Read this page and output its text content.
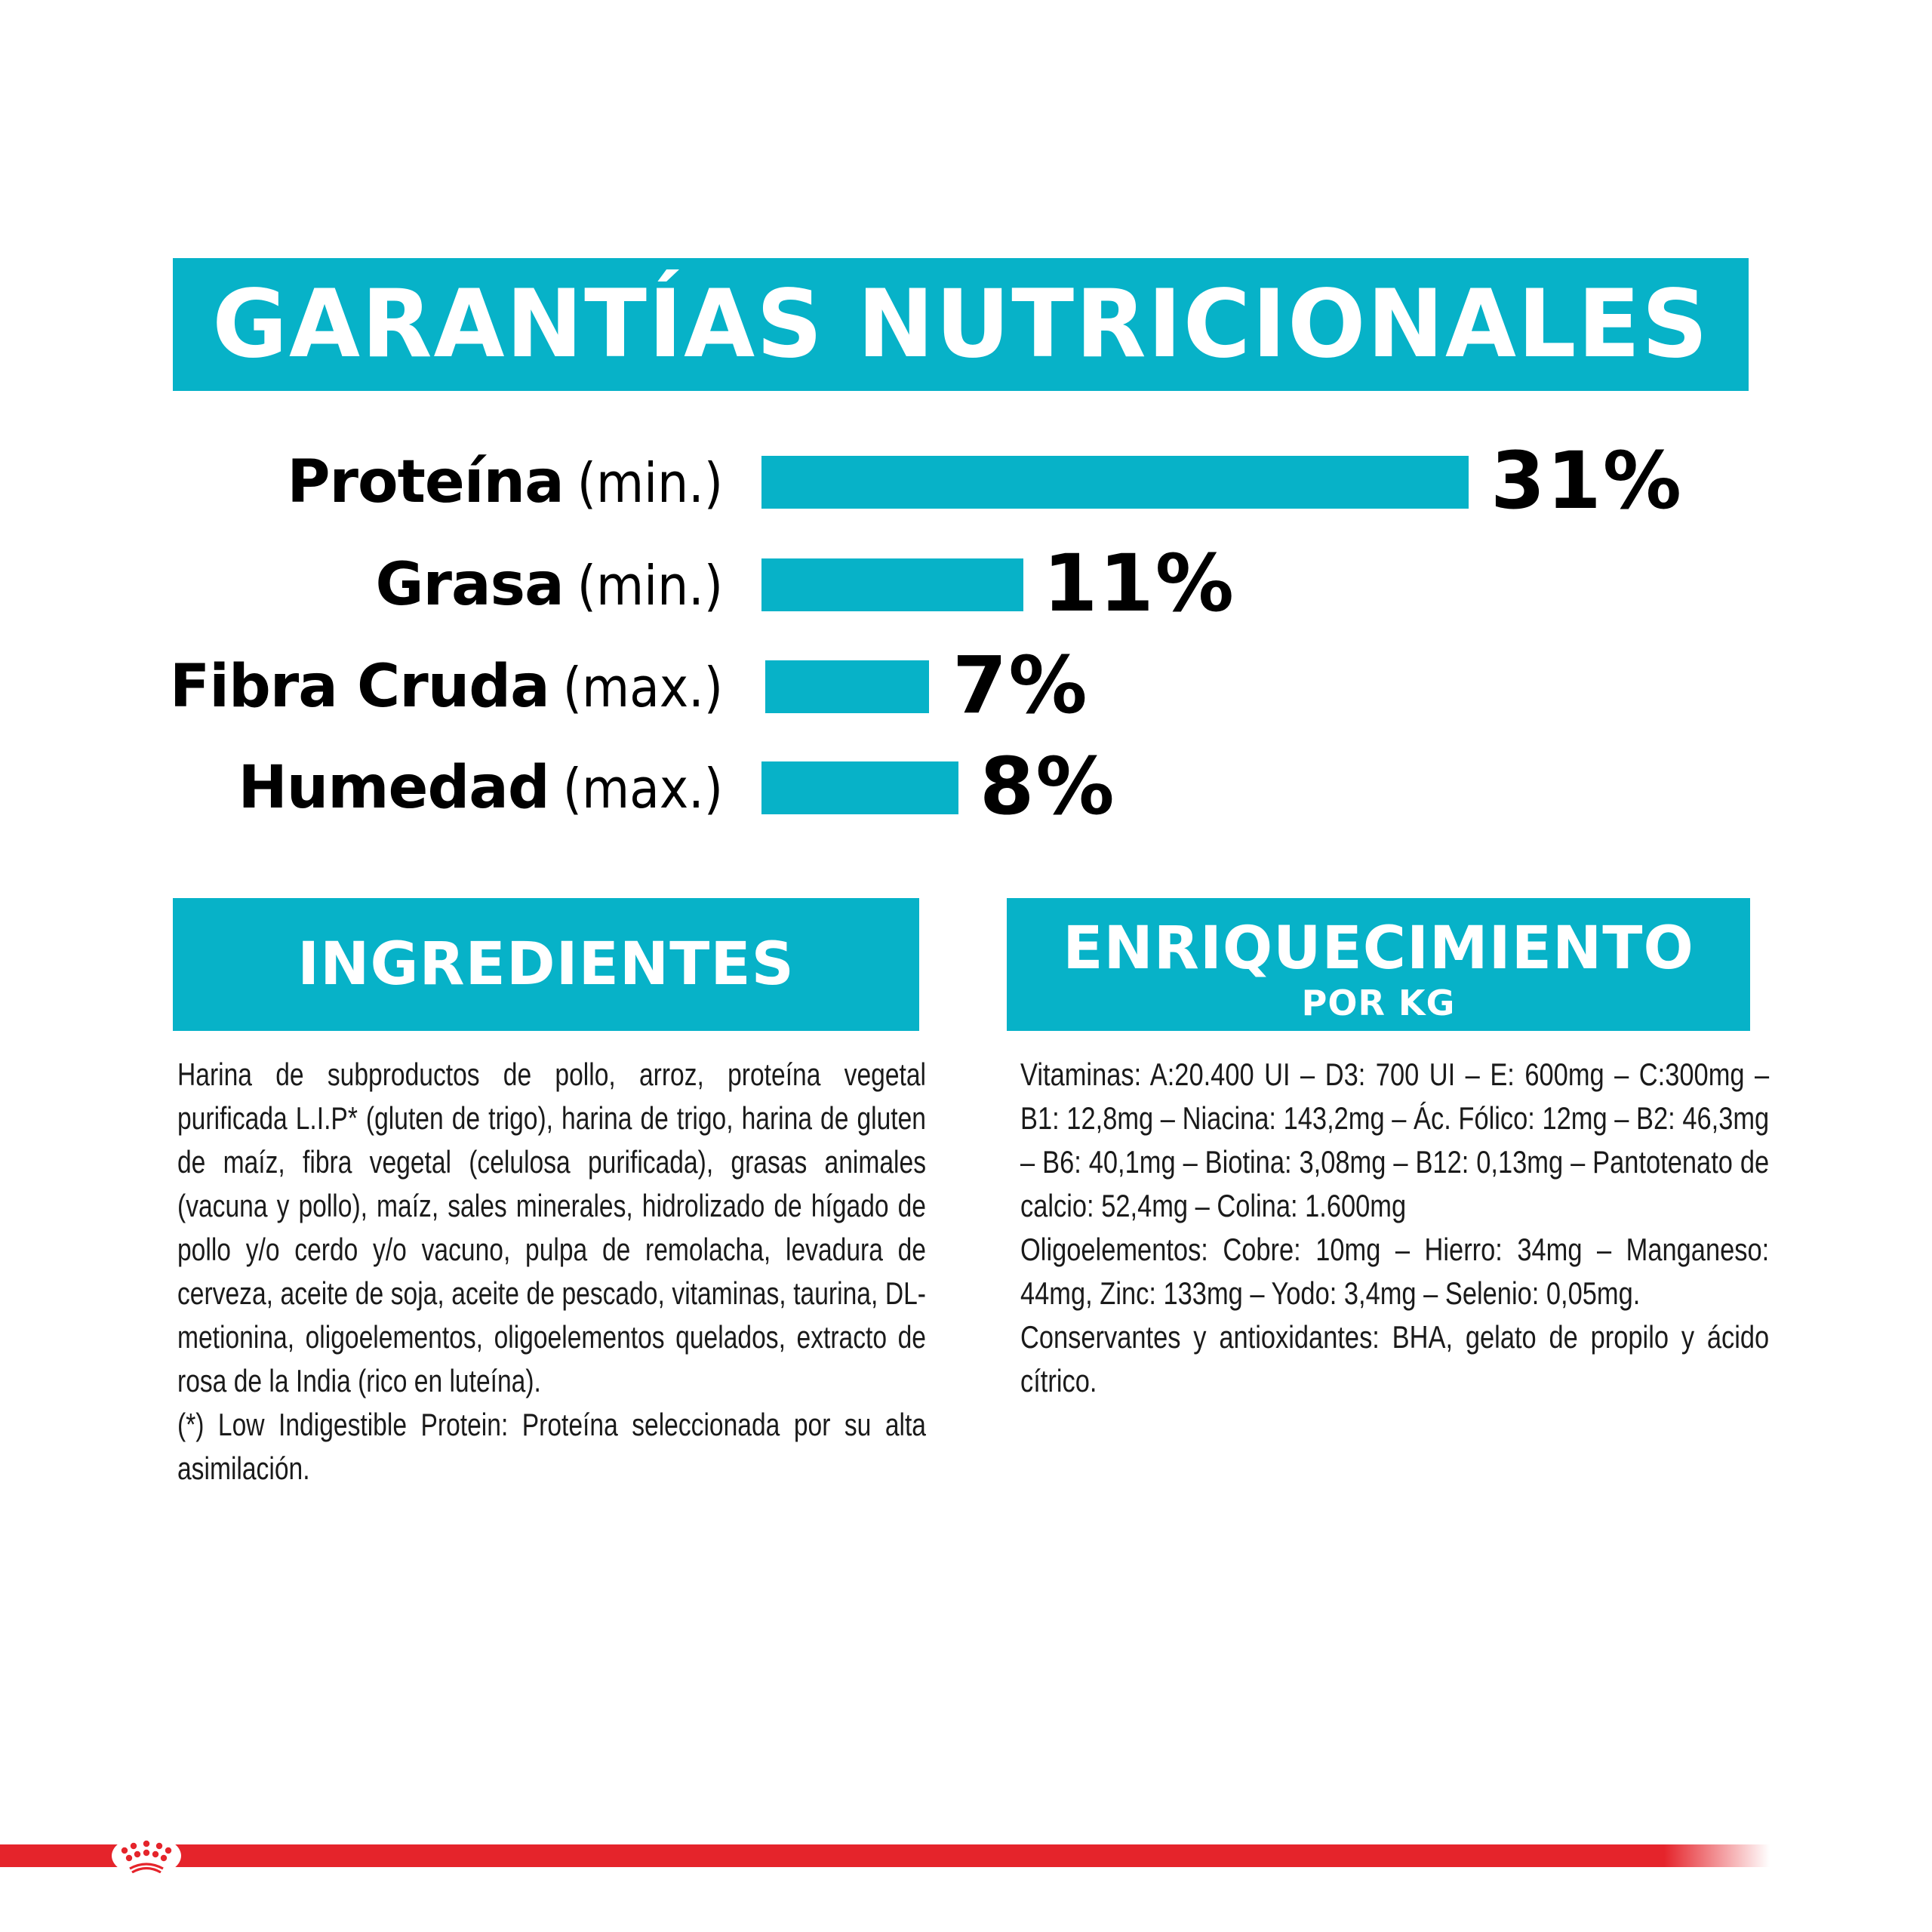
GARANTÍAS NUTRICIONALES
Proteína (min.)	31%
Grasa (min.)	11%
Fibra Cruda (max.)	7%
Humedad (max.)	8%
INGREDIENTES	ENRIQUECIMIENTO
POR KG

Harina de subproductos de pollo, arroz, proteína vegetal purificada L.I.P* (gluten de trigo), harina de trigo, harina de gluten de maíz, fibra vegetal (celulosa purificada), grasas animales (vacuna y pollo), maíz, sales minerales, hidrolizado de hígado de pollo y/o cerdo y/o vacuno, pulpa de remolacha, levadura de cerveza, aceite de soja, aceite de pescado, vitaminas, taurina, DL-metionina, oligoelementos, oligoelementos quelados, extracto de rosa de la India (rico en luteína).

(*) Low Indigestible Protein: Proteína seleccionada por su alta asimilación.

Vitaminas: A:20.400 UI – D3: 700 UI – E: 600mg – C:300mg – B1: 12,8mg – Niacina: 143,2mg – Ác. Fólico: 12mg – B2: 46,3mg – B6: 40,1mg – Biotina: 3,08mg – B12: 0,13mg – Pantotenato de calcio: 52,4mg – Colina: 1.600mg

Oligoelementos: Cobre: 10mg – Hierro: 34mg – Manganeso: 44mg, Zinc: 133mg – Yodo: 3,4mg – Selenio: 0,05mg.

Conservantes y antioxidantes: BHA, gelato de propilo y ácido cítrico.
